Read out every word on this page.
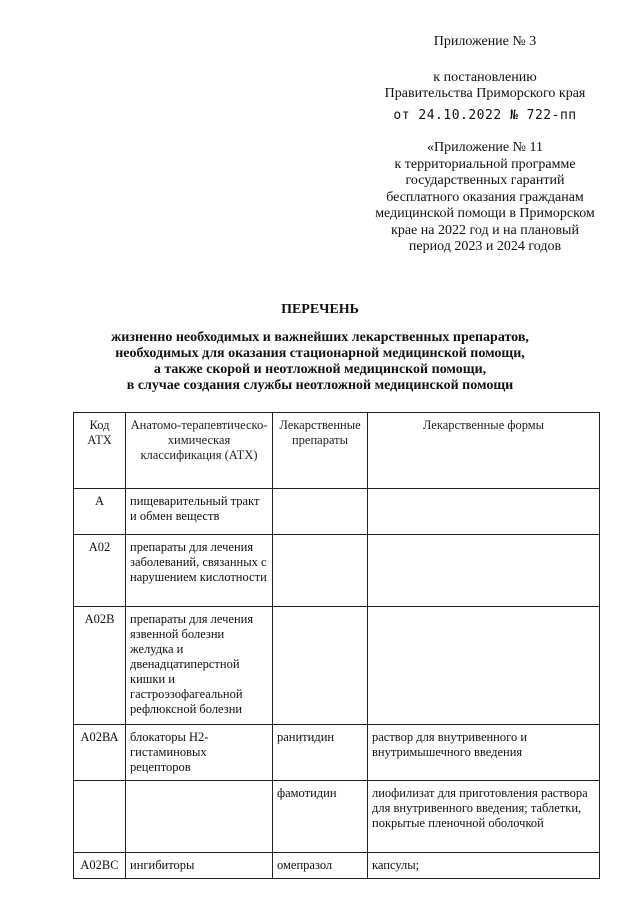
Приложение № 3
к постановлению
Правительства Приморского края
от 24.10.2022 № 722-пп
«Приложение № 11
к территориальной программе
государственных гарантий
бесплатного оказания гражданам
медицинской помощи в Приморском
крае на 2022 год и на плановый
период 2023 и 2024 годов
ПЕРЕЧЕНЬ
жизненно необходимых и важнейших лекарственных препаратов,
необходимых для оказания стационарной медицинской помощи,
а также скорой и неотложной медицинской помощи,
в случае создания службы неотложной медицинской помощи
Код АТХ	Анатомо-терапевтическо-химическая классификация (АТХ)	Лекарственные препараты	Лекарственные формы
А	пищеварительный тракт и обмен веществ		
А02	препараты для лечения заболеваний, связанных с нарушением кислотности		
А02В	препараты для лечения язвенной болезни желудка и двенадцатиперстной кишки и гастроэзофагеальной рефлюксной болезни		
А02ВА	блокаторы Н2-гистаминовых рецепторов	ранитидин	раствор для внутривенного и внутримышечного введения
		фамотидин	лиофилизат для приготовления раствора для внутривенного введения; таблетки, покрытые пленочной оболочкой
А02ВС	ингибиторы	омепразол	капсулы;
